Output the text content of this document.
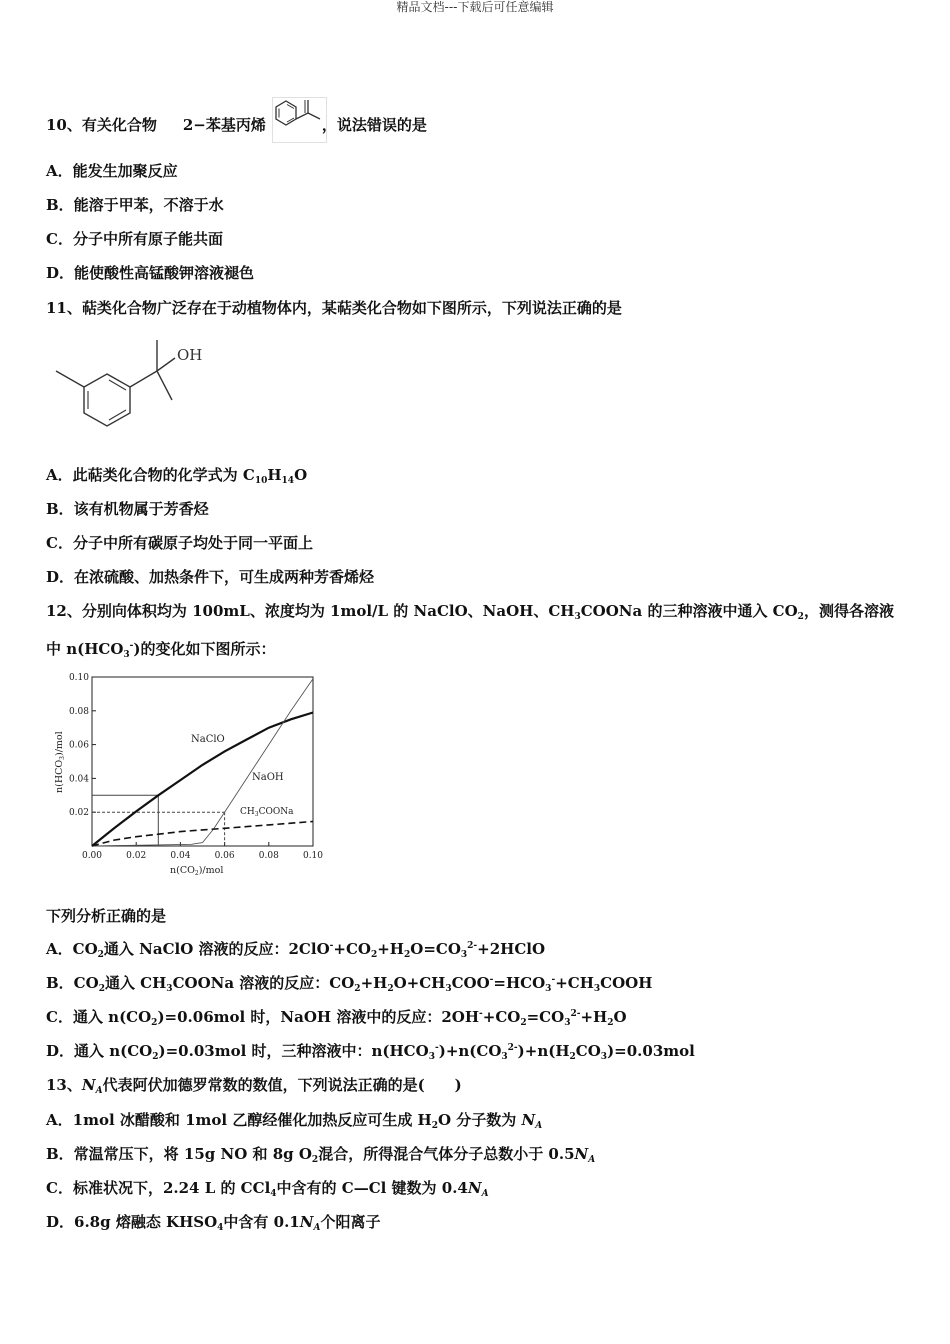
精品文档---下载后可任意编辑
10、有关化合物 2−苯基丙烯	，说法错误的是
A．能发生加聚反应
B．能溶于甲苯，不溶于水
C．分子中所有原子能共面
D．能使酸性高锰酸钾溶液褪色
11、萜类化合物广泛存在于动植物体内，某萜类化合物如下图所示，下列说法正确的是
OH
A．此萜类化合物的化学式为 $C_{10}H_{14}O$
B．该有机物属于芳香烃
C．分子中所有碳原子均处于同一平面上
D．在浓硫酸、加热条件下，可生成两种芳香烯烃
12、分别向体积均为 100mL、浓度均为 1mol/L 的 NaClO、NaOH、$CH_3COONa$ 的三种溶液中通入 $CO_2$，测得各溶液
中 $n(HCO_3^-)$的变化如下图所示：
0.00	0.02	0.04	0.06	0.08	0.10
0.02
0.04
0.06
0.08
0.10
NaClO
NaOH
$CH_3COONa$
$n(CO_2)$/mol
$n(HCO_3)$/mol
下列分析正确的是
A．$CO_2$通入 NaClO 溶液的反应：$2ClO^-+CO_2+H_2O=CO_3^{2-}+2HClO$
B．$CO_2$通入 $CH_3COONa$ 溶液的反应：$CO_2+H_2O+CH_3COO^-=HCO_3^-+CH_3COOH$
C．通入 $n(CO_2)=0.06mol$ 时，NaOH 溶液中的反应：$2OH^-+CO_2=CO_3^{2-}+H_2O$
D．通入 $n(CO_2)=0.03mol$ 时，三种溶液中：$n(HCO_3^-)+n(CO_3^{2-})+n(H_2CO_3)=0.03mol$
13、$N_A$代表阿伏加德罗常数的数值，下列说法正确的是(　　)
A．1mol 冰醋酸和 1mol 乙醇经催化加热反应可生成 $H_2O$ 分子数为 $N_A$
B．常温常压下，将 15g NO 和 8g $O_2$混合，所得混合气体分子总数小于 $0.5N_A$
C．标准状况下，2.24 L 的 CCl$_4$中含有的 C—Cl 键数为 $0.4N_A$
D．6.8g 熔融态 $KHSO_4$中含有 $0.1N_A$个阳离子
